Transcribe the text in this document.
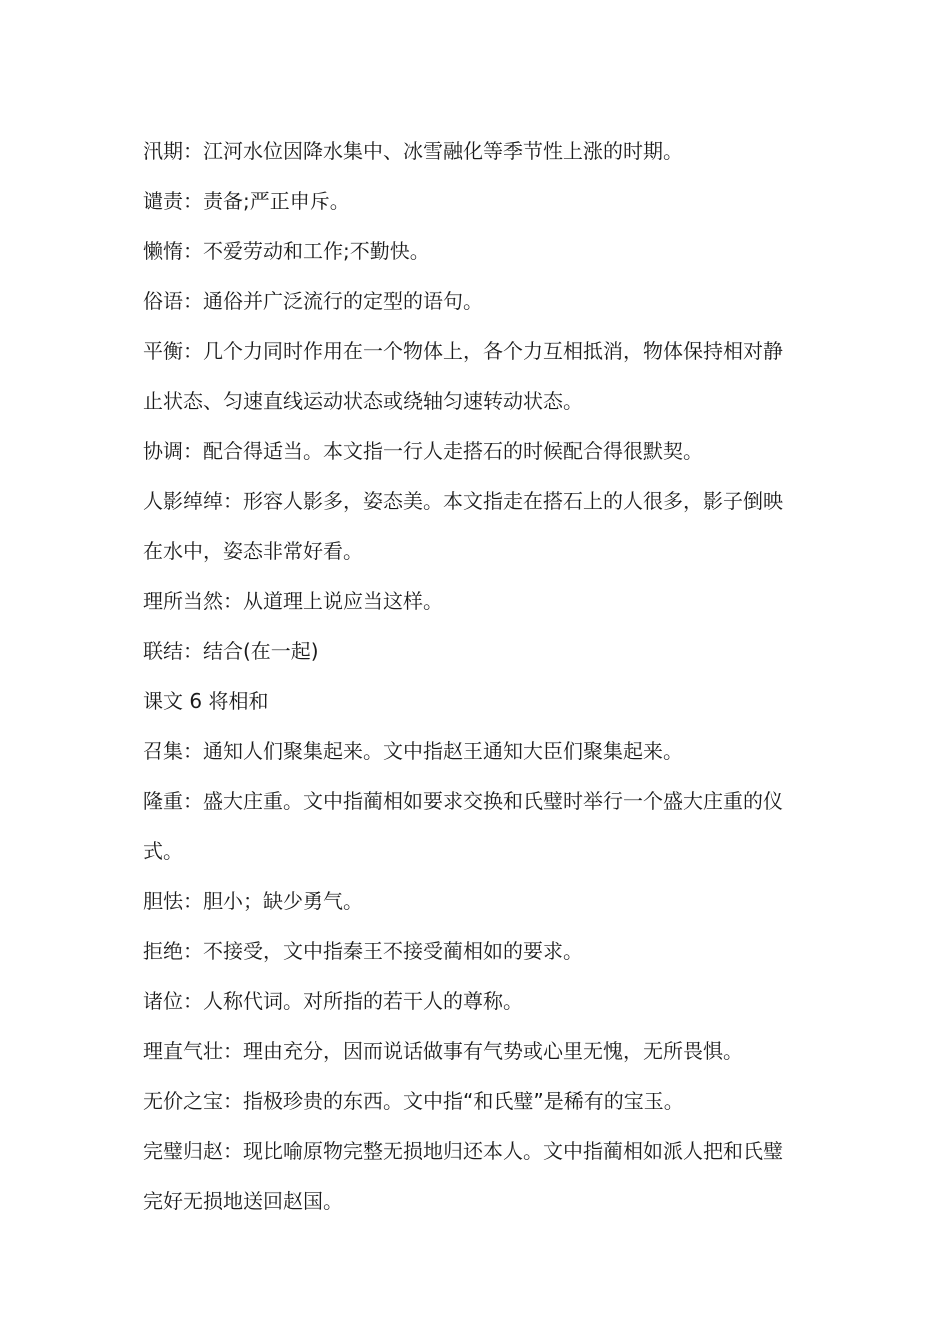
汛期：江河水位因降水集中、冰雪融化等季节性上涨的时期。
谴责：责备;严正申斥。
懒惰：不爱劳动和工作;不勤快。
俗语：通俗并广泛流行的定型的语句。
平衡：几个力同时作用在一个物体上，各个力互相抵消，物体保持相对静
止状态、匀速直线运动状态或绕轴匀速转动状态。
协调：配合得适当。本文指一行人走搭石的时候配合得很默契。
人影绰绰：形容人影多，姿态美。本文指走在搭石上的人很多，影子倒映
在水中，姿态非常好看。
理所当然：从道理上说应当这样。
联结：结合(在一起)
课文 6 将相和
召集：通知人们聚集起来。文中指赵王通知大臣们聚集起来。
隆重：盛大庄重。文中指蔺相如要求交换和氏璧时举行一个盛大庄重的仪
式。
胆怯：胆小；缺少勇气。
拒绝：不接受，文中指秦王不接受蔺相如的要求。
诸位：人称代词。对所指的若干人的尊称。
理直气壮：理由充分，因而说话做事有气势或心里无愧，无所畏惧。
无价之宝：指极珍贵的东西。文中指“和氏璧”是稀有的宝玉。
完璧归赵：现比喻原物完整无损地归还本人。文中指蔺相如派人把和氏璧
完好无损地送回赵国。
